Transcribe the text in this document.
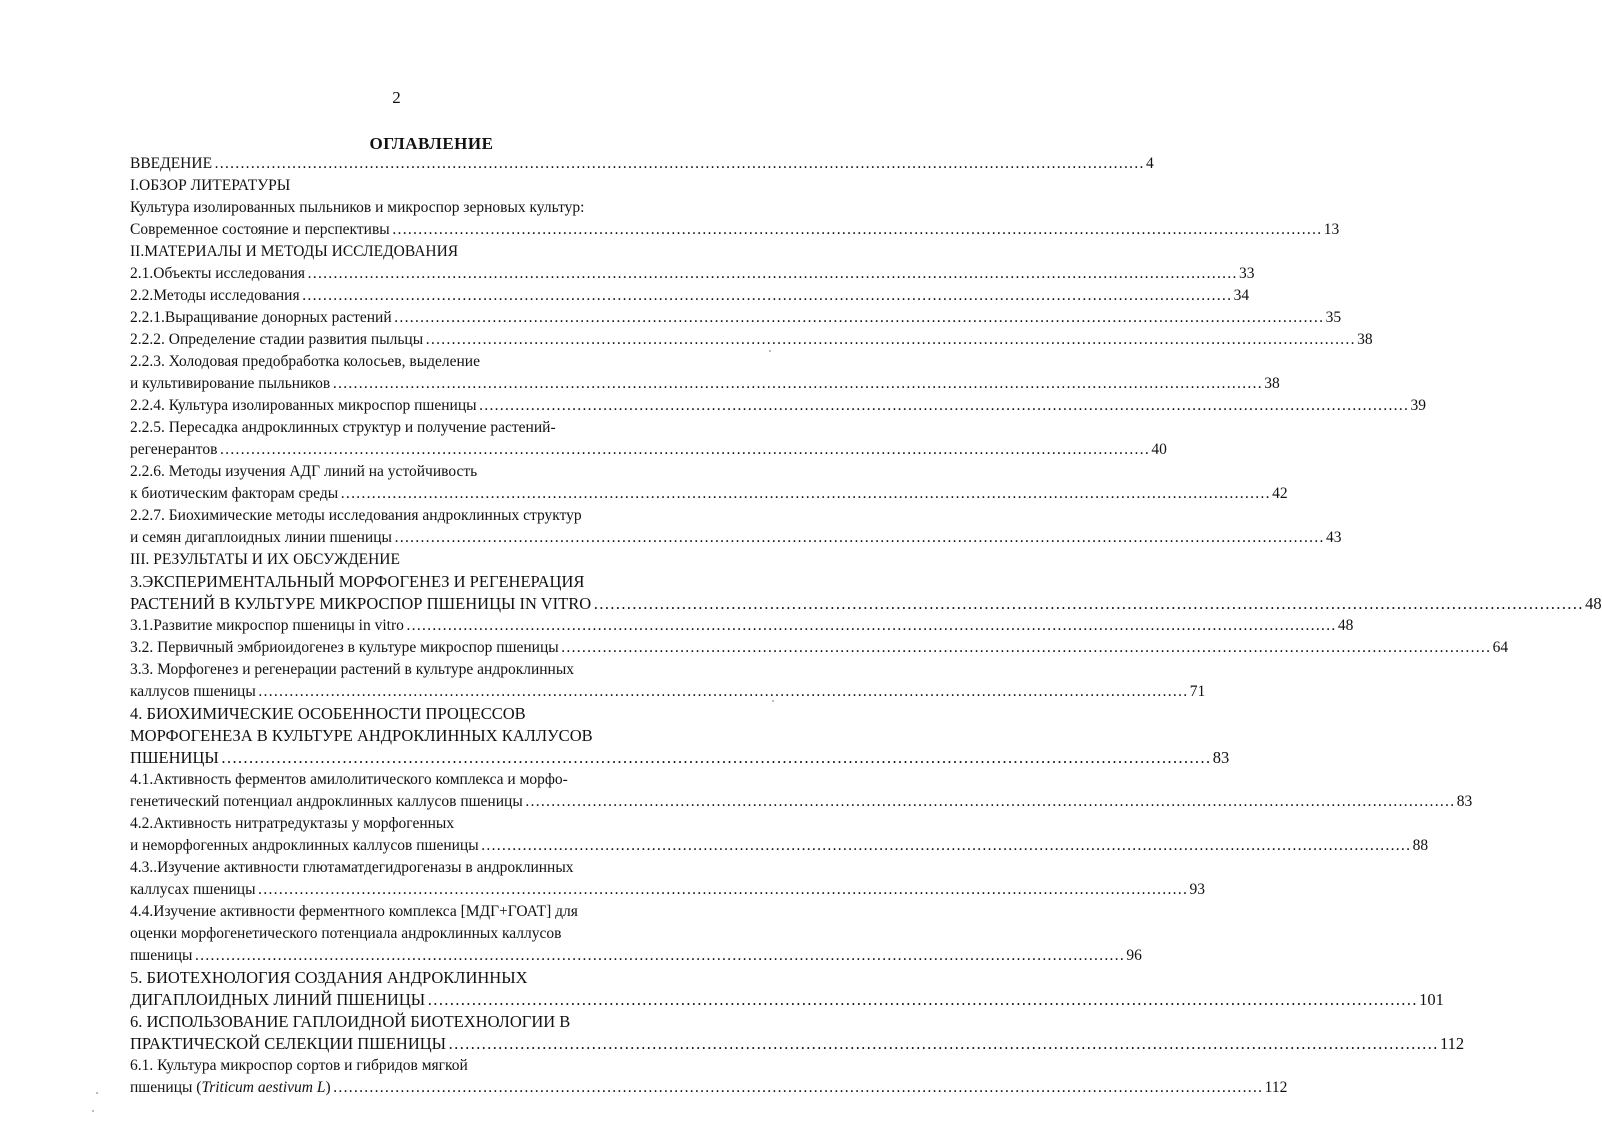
2
ОГЛАВЛЕНИЕ
ВВЕДЕНИЕ ……………………………………………………………………………………………………………………………………………………………… 4
I.ОБЗОР ЛИТЕРАТУРЫ
Культура изолированных пыльников и микроспор зерновых культур:
Современное состояние и перспективы ……………………………………………………………………………………………………………………………………………………………… 13
II.МАТЕРИАЛЫ И МЕТОДЫ ИССЛЕДОВАНИЯ
2.1.Объекты исследования ……………………………………………………………………………………………………………………………………………………………… 33
2.2.Методы исследования ……………………………………………………………………………………………………………………………………………………………… 34
2.2.1.Выращивание донорных растений ……………………………………………………………………………………………………………………………………………………………… 35
2.2.2. Определение стадии развития пыльцы ……………………………………………………………………………………………………………………………………………………………… 38
2.2.3. Холодовая предобработка колосьев, выделение
и культивирование пыльников ……………………………………………………………………………………………………………………………………………………………… 38
2.2.4. Культура изолированных микроспор пшеницы ……………………………………………………………………………………………………………………………………………………………… 39
2.2.5. Пересадка андроклинных структур и получение растений-
регенерантов ……………………………………………………………………………………………………………………………………………………………… 40
2.2.6. Методы изучения АДГ линий на устойчивость
к биотическим факторам среды ……………………………………………………………………………………………………………………………………………………………… 42
2.2.7. Биохимические методы исследования андроклинных структур
и семян дигаплоидных линии пшеницы ……………………………………………………………………………………………………………………………………………………………… 43
III. РЕЗУЛЬТАТЫ И ИХ ОБСУЖДЕНИЕ
3.ЭКСПЕРИМЕНТАЛЬНЫЙ МОРФОГЕНЕЗ И РЕГЕНЕРАЦИЯ
РАСТЕНИЙ В КУЛЬТУРЕ МИКРОСПОР ПШЕНИЦЫ IN VITRO ……………………………………………………………………………………………………………………………………………………………… 48
3.1.Развитие микроспор пшеницы in vitro ……………………………………………………………………………………………………………………………………………………………… 48
3.2. Первичный эмбриоидогенез в культуре микроспор пшеницы ……………………………………………………………………………………………………………………………………………………………… 64
3.3. Морфогенез и регенерации растений в культуре андроклинных
каллусов пшеницы ……………………………………………………………………………………………………………………………………………………………… 71
4. БИОХИМИЧЕСКИЕ ОСОБЕННОСТИ ПРОЦЕССОВ
МОРФОГЕНЕЗА В КУЛЬТУРЕ АНДРОКЛИННЫХ КАЛЛУСОВ
ПШЕНИЦЫ ……………………………………………………………………………………………………………………………………………………………… 83
4.1.Активность ферментов амилолитического комплекса и морфо-
генетический потенциал андроклинных каллусов пшеницы ……………………………………………………………………………………………………………………………………………………………… 83
4.2.Активность нитратредуктазы у морфогенных
и неморфогенных андроклинных каллусов пшеницы ……………………………………………………………………………………………………………………………………………………………… 88
4.3..Изучение активности глютаматдегидрогеназы в андроклинных
каллусах пшеницы ……………………………………………………………………………………………………………………………………………………………… 93
4.4.Изучение активности ферментного комплекса [МДГ+ГОАТ] для
оценки морфогенетического потенциала андроклинных каллусов
пшеницы ……………………………………………………………………………………………………………………………………………………………… 96
5. БИОТЕХНОЛОГИЯ СОЗДАНИЯ АНДРОКЛИННЫХ
ДИГАПЛОИДНЫХ ЛИНИЙ ПШЕНИЦЫ ……………………………………………………………………………………………………………………………………………………………… 101
6. ИСПОЛЬЗОВАНИЕ ГАПЛОИДНОЙ БИОТЕХНОЛОГИИ В
ПРАКТИЧЕСКОЙ СЕЛЕКЦИИ ПШЕНИЦЫ ……………………………………………………………………………………………………………………………………………………………… 112
6.1. Культура микроспор сортов и гибридов мягкой
пшеницы ( Triticum aestivum L ) ……………………………………………………………………………………………………………………………………………………………… 112
